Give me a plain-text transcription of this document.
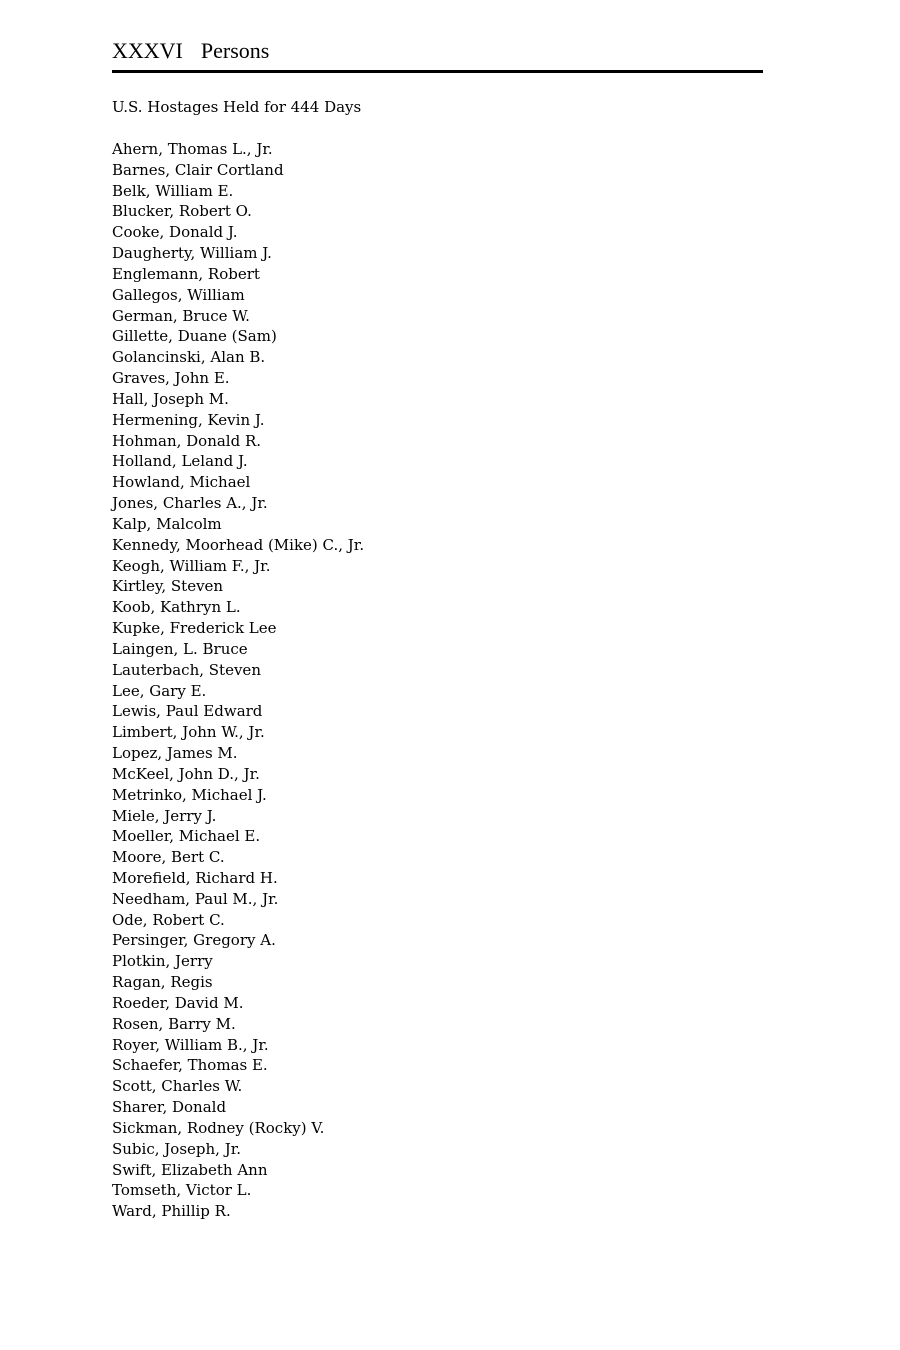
XXXVI Persons
U.S. Hostages Held for 444 Days
Ahern, Thomas L., Jr.
Barnes, Clair Cortland
Belk, William E.
Blucker, Robert O.
Cooke, Donald J.
Daugherty, William J.
Englemann, Robert
Gallegos, William
German, Bruce W.
Gillette, Duane (Sam)
Golancinski, Alan B.
Graves, John E.
Hall, Joseph M.
Hermening, Kevin J.
Hohman, Donald R.
Holland, Leland J.
Howland, Michael
Jones, Charles A., Jr.
Kalp, Malcolm
Kennedy, Moorhead (Mike) C., Jr.
Keogh, William F., Jr.
Kirtley, Steven
Koob, Kathryn L.
Kupke, Frederick Lee
Laingen, L. Bruce
Lauterbach, Steven
Lee, Gary E.
Lewis, Paul Edward
Limbert, John W., Jr.
Lopez, James M.
McKeel, John D., Jr.
Metrinko, Michael J.
Miele, Jerry J.
Moeller, Michael E.
Moore, Bert C.
Morefield, Richard H.
Needham, Paul M., Jr.
Ode, Robert C.
Persinger, Gregory A.
Plotkin, Jerry
Ragan, Regis
Roeder, David M.
Rosen, Barry M.
Royer, William B., Jr.
Schaefer, Thomas E.
Scott, Charles W.
Sharer, Donald
Sickman, Rodney (Rocky) V.
Subic, Joseph, Jr.
Swift, Elizabeth Ann
Tomseth, Victor L.
Ward, Phillip R.
